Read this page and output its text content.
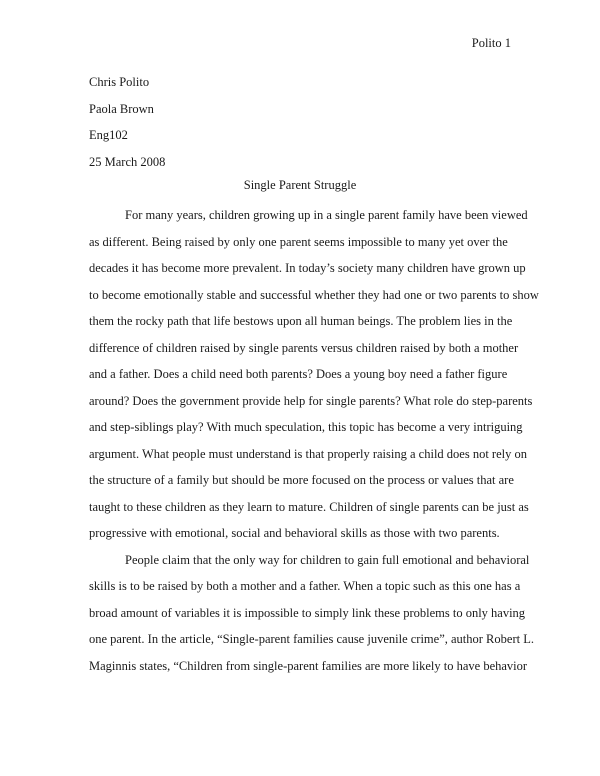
Polito 1
Chris Polito
Paola Brown
Eng102
25 March 2008
Single Parent Struggle
For many years, children growing up in a single parent family have been viewed
as different. Being raised by only one parent seems impossible to many yet over the
decades it has become more prevalent. In today’s society many children have grown up
to become emotionally stable and successful whether they had one or two parents to show
them the rocky path that life bestows upon all human beings. The problem lies in the
difference of children raised by single parents versus children raised by both a mother
and a father. Does a child need both parents? Does a young boy need a father figure
around? Does the government provide help for single parents? What role do step-parents
and step-siblings play? With much speculation, this topic has become a very intriguing
argument. What people must understand is that properly raising a child does not rely on
the structure of a family but should be more focused on the process or values that are
taught to these children as they learn to mature. Children of single parents can be just as
progressive with emotional, social and behavioral skills as those with two parents.
People claim that the only way for children to gain full emotional and behavioral
skills is to be raised by both a mother and a father. When a topic such as this one has a
broad amount of variables it is impossible to simply link these problems to only having
one parent. In the article, “Single-parent families cause juvenile crime”, author Robert L.
Maginnis states, “Children from single-parent families are more likely to have behavior
